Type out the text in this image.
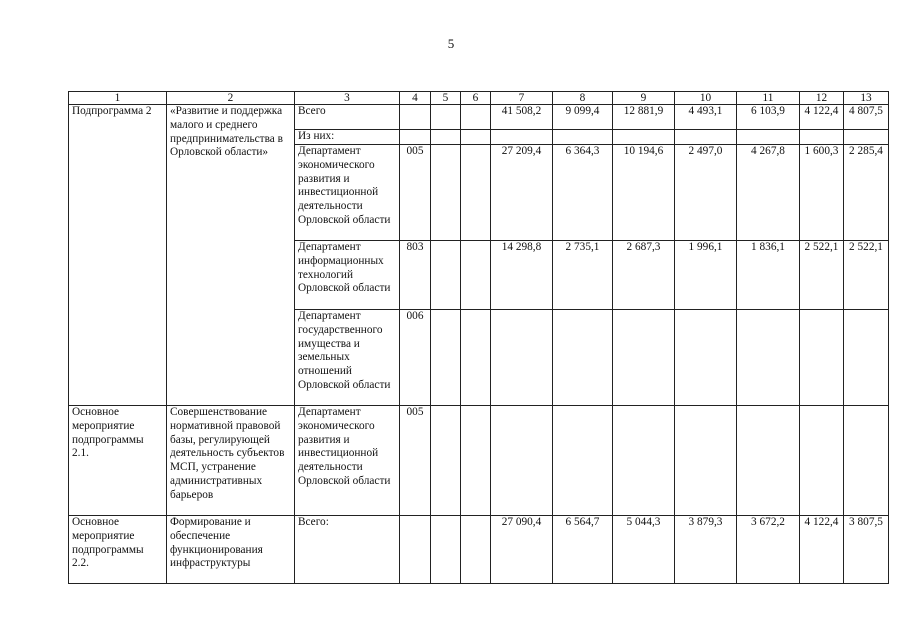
5
1	2	3	4	5	6	7	8	9	10	11	12	13
Подпрограмма 2	«Развитие и поддержка малого и среднего предпринимательства в Орловской области»	Всего				41 508,2	9 099,4	12 881,9	4 493,1	6 103,9	4 122,4	4 807,5
		Из них:										
		Департамент экономического развития и инвестиционной деятельности Орловской области	005			27 209,4	6 364,3	10 194,6	2 497,0	4 267,8	1 600,3	2 285,4
		Департамент информационных технологий Орловской области	803			14 298,8	2 735,1	2 687,3	1 996,1	1 836,1	2 522,1	2 522,1
		Департамент государственного имущества и земельных отношений Орловской области	006									
Основное мероприятие подпрограммы 2.1.	Совершенствование нормативной правовой базы, регулирующей деятельность субъектов МСП, устранение административных барьеров	Департамент экономического развития и инвестиционной деятельности Орловской области	005									
Основное мероприятие подпрограммы 2.2.	Формирование и обеспечение функционирования инфраструктуры	Всего:				27 090,4	6 564,7	5 044,3	3 879,3	3 672,2	4 122,4	3 807,5
